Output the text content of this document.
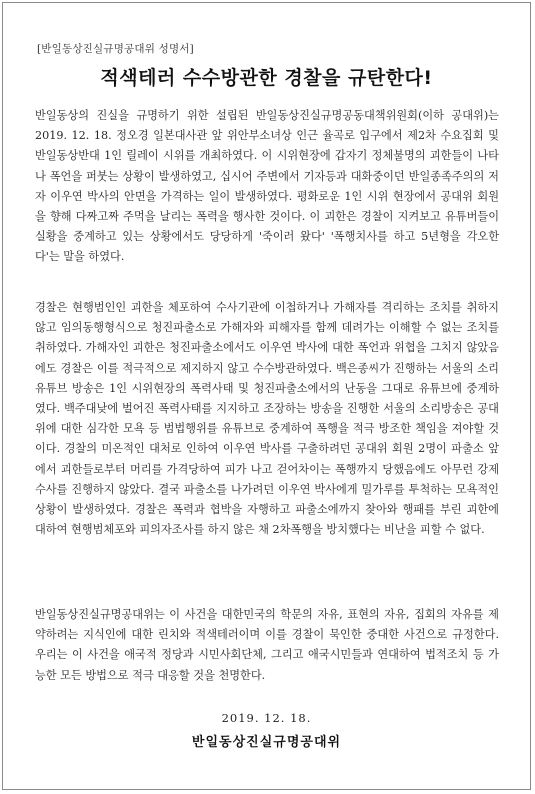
[반일동상진실규명공대위 성명서]
적색테러 수수방관한 경찰을 규탄한다!

반일동상의 진실을 규명하기 위한 설립된 반일동상진실규명공동대책위원회(이하 공대위)는 2019. 12. 18. 정오경 일본대사관 앞 위안부소녀상 인근 율곡로 입구에서 제2차 수요집회 및 반일동상반대 1인 릴레이 시위를 개최하였다. 이 시위현장에 갑자기 정체불명의 괴한들이 나타나 폭언을 퍼붓는 상황이 발생하였고, 십시어 주변에서 기자등과 대화중이던 반일종족주의의 저자 이우연 박사의 안면을 가격하는 일이 발생하였다. 평화로운 1인 시위 현장에서 공대위 회원을 향해 다짜고짜 주먹을 날리는 폭력을 행사한 것이다. 이 괴한은 경찰이 지켜보고 유튜버들이 실황을 중계하고 있는 상황에서도 당당하게 '죽이러 왔다' '폭행치사를 하고 5년형을 각오한다'는 말을 하였다.

경찰은 현행범인인 괴한을 체포하여 수사기관에 이첩하거나 가해자를 격리하는 조치를 취하지 않고 임의동행형식으로 청진파출소로 가해자와 피해자를 함께 데려가는 이해할 수 없는 조치를 취하였다. 가해자인 괴한은 청진파출소에서도 이우연 박사에 대한 폭언과 위협을 그치지 않았음에도 경찰은 이를 적극적으로 제지하지 않고 수수방관하였다. 백은종씨가 진행하는 서울의 소리 유튜브 방송은 1인 시위현장의 폭력사태 및 청진파출소에서의 난동을 그대로 유튜브에 중계하였다. 백주대낮에 벌어진 폭력사태를 지지하고 조장하는 방송을 진행한 서울의 소리방송은 공대위에 대한 심각한 모욕 등 범법행위를 유튜브로 중계하여 폭행을 적극 방조한 책임을 져야할 것이다. 경찰의 미온적인 대처로 인하여 이우연 박사를 구출하려던 공대위 회원 2명이 파출소 앞에서 괴한들로부터 머리를 가격당하여 피가 나고 걷어차이는 폭행까지 당했음에도 아무런 강제수사를 진행하지 않았다. 결국 파출소를 나가려던 이우연 박사에게 밀가루를 투척하는 모욕적인 상황이 발생하였다. 경찰은 폭력과 협박을 자행하고 파출소에까지 찾아와 행패를 부린 괴한에 대하여 현행범체포와 피의자조사를 하지 않은 채 2차폭행을 방치했다는 비난을 피할 수 없다.

반일동상진실규명공대위는 이 사건을 대한민국의 학문의 자유, 표현의 자유, 집회의 자유를 제약하려는 지식인에 대한 린치와 적색테러이며 이를 경찰이 묵인한 중대한 사건으로 규정한다. 우리는 이 사건을 애국적 정당과 시민사회단체, 그리고 애국시민들과 연대하여 법적조치 등 가능한 모든 방법으로 적극 대응할 것을 천명한다.

2019. 12. 18.
반일동상진실규명공대위
